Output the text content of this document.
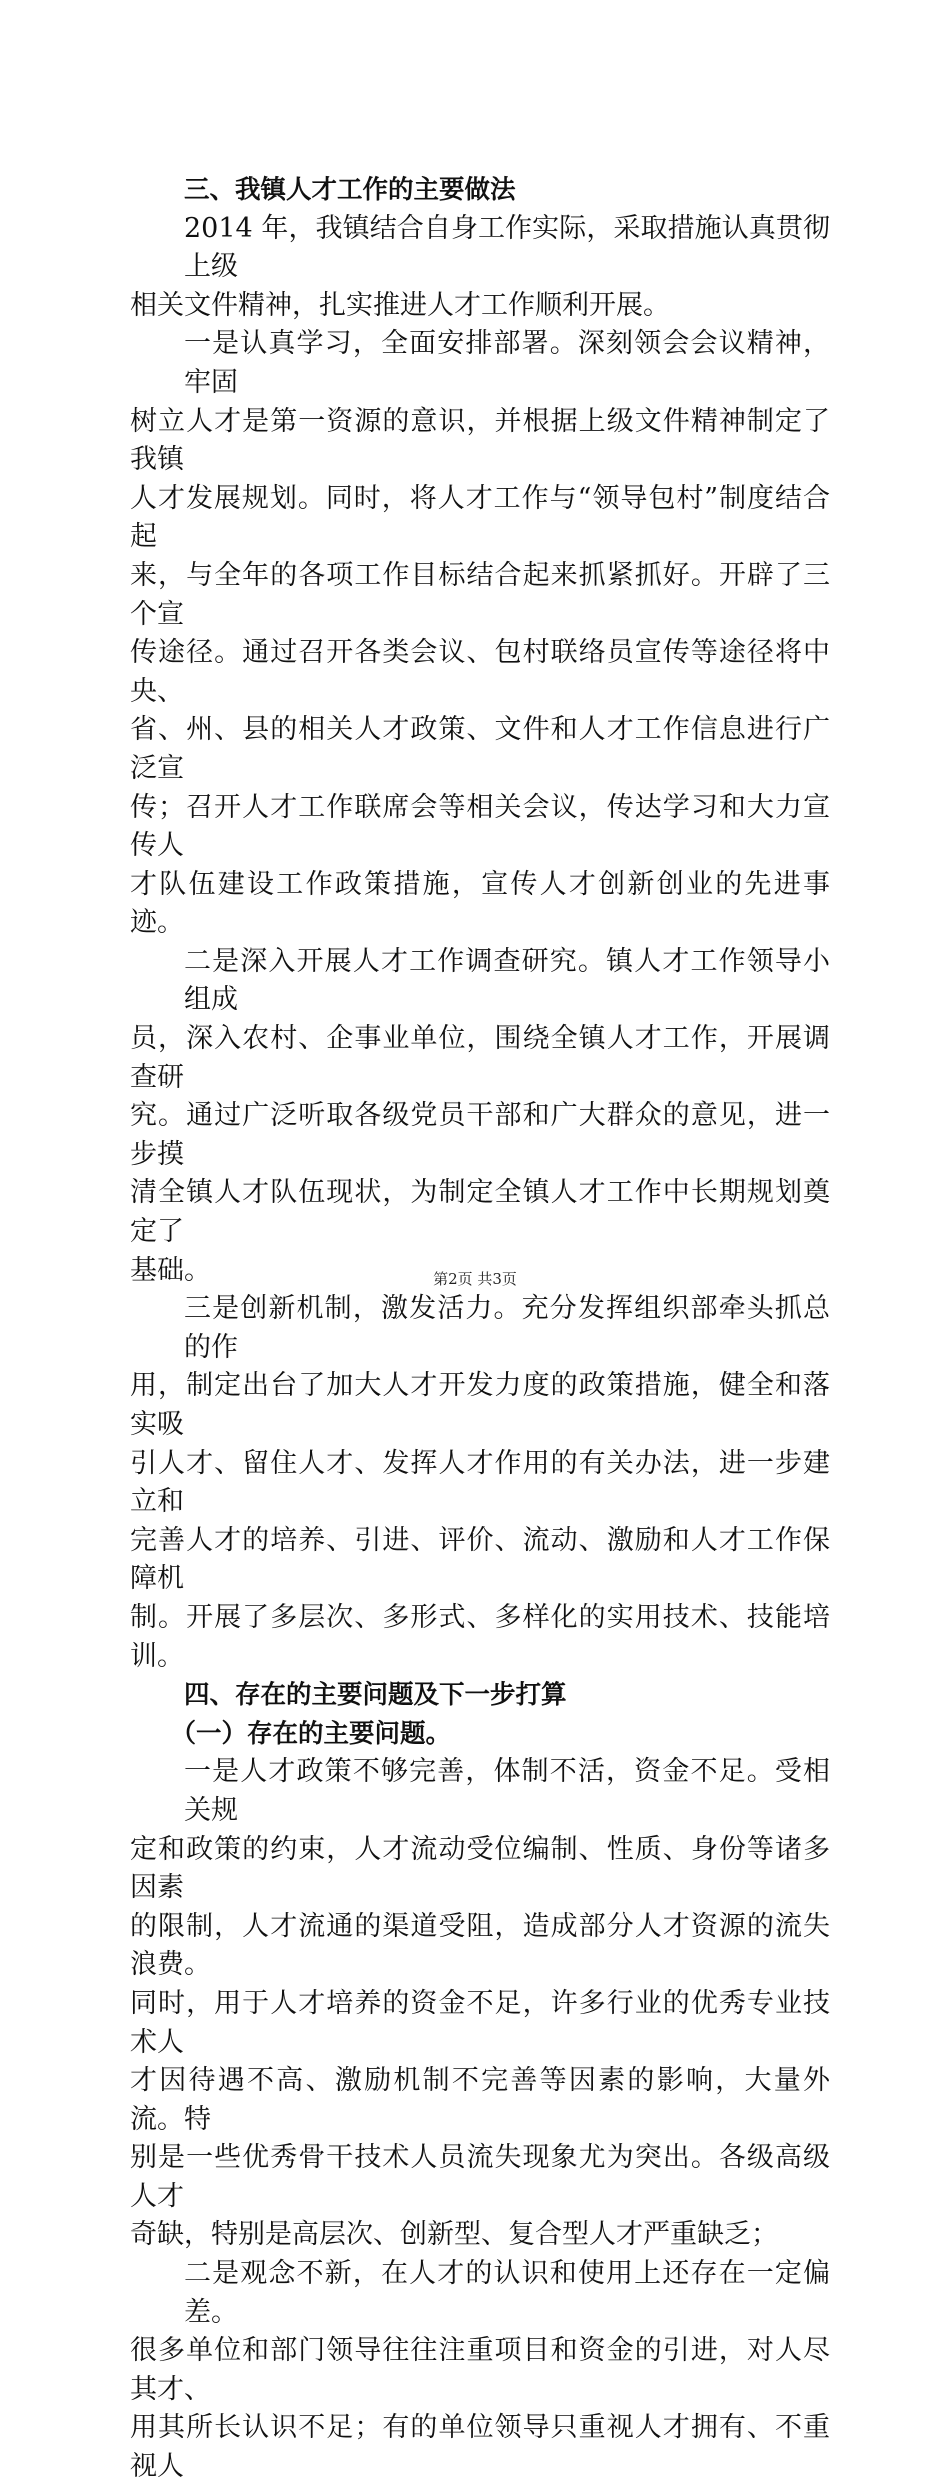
三、我镇人才工作的主要做法

2014 年，我镇结合自身工作实际，采取措施认真贯彻上级
相关文件精神，扎实推进人才工作顺利开展。
一是认真学习，全面安排部署。深刻领会会议精神，牢固
树立人才是第一资源的意识，并根据上级文件精神制定了我镇
人才发展规划。同时，将人才工作与“领导包村”制度结合起
来，与全年的各项工作目标结合起来抓紧抓好。开辟了三个宣
传途径。通过召开各类会议、包村联络员宣传等途径将中央、
省、州、县的相关人才政策、文件和人才工作信息进行广泛宣
传；召开人才工作联席会等相关会议，传达学习和大力宣传人
才队伍建设工作政策措施，宣传人才创新创业的先进事迹。
二是深入开展人才工作调查研究。镇人才工作领导小组成
员，深入农村、企事业单位，围绕全镇人才工作，开展调查研
究。通过广泛听取各级党员干部和广大群众的意见，进一步摸
清全镇人才队伍现状，为制定全镇人才工作中长期规划奠定了
基础。
三是创新机制，激发活力。充分发挥组织部牵头抓总的作
用，制定出台了加大人才开发力度的政策措施，健全和落实吸
引人才、留住人才、发挥人才作用的有关办法，进一步建立和
完善人才的培养、引进、评价、流动、激励和人才工作保障机
制。开展了多层次、多形式、多样化的实用技术、技能培训。

四、存在的主要问题及下一步打算

（一）存在的主要问题。

一是人才政策不够完善，体制不活，资金不足。受相关规
定和政策的约束，人才流动受位编制、性质、身份等诸多因素
的限制，人才流通的渠道受阻，造成部分人才资源的流失浪费。
同时，用于人才培养的资金不足，许多行业的优秀专业技术人
才因待遇不高、激励机制不完善等因素的影响，大量外流。特
别是一些优秀骨干技术人员流失现象尤为突出。各级高级人才
奇缺，特别是高层次、创新型、复合型人才严重缺乏；
二是观念不新，在人才的认识和使用上还存在一定偏差。
很多单位和部门领导往往注重项目和资金的引进，对人尽其才、
用其所长认识不足；有的单位领导只重视人才拥有、不重视人
第2页 共3页
